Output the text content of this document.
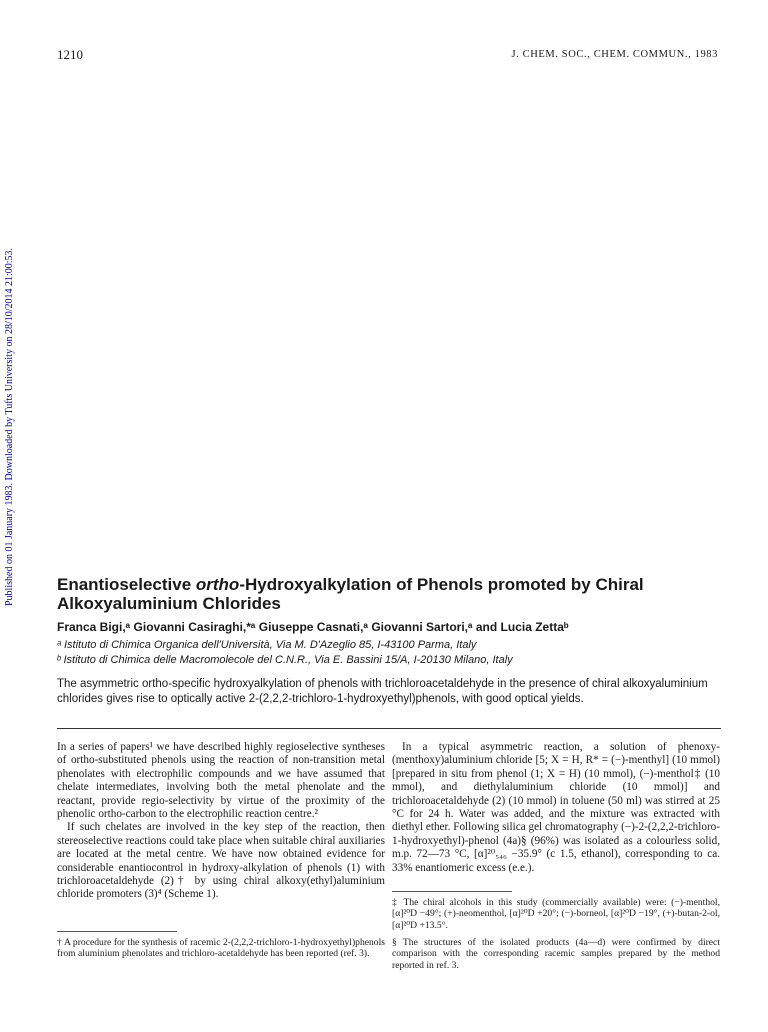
1210	J. CHEM. SOC., CHEM. COMMUN., 1983
Published on 01 January 1983. Downloaded by Tufts University on 28/10/2014 21:00:53. Enantioselective ortho-Hydroxyalkylation of Phenols promoted by Chiral
Alkoxyaluminium Chlorides
Franca Bigi,ᵃ Giovanni Casiraghi,*ᵃ Giuseppe Casnati,ᵃ Giovanni Sartori,ᵃ and Lucia Zettaᵇ
ᵃ Istituto di Chimica Organica dell'Università, Via M. D'Azeglio 85, I-43100 Parma, Italy
ᵇ Istituto di Chimica delle Macromolecole del C.N.R., Via E. Bassini 15/A, I-20130 Milano, Italy
The asymmetric ortho-specific hydroxyalkylation of phenols with trichloroacetaldehyde in the presence of chiral alkoxyaluminium chlorides gives rise to optically active 2-(2,2,2-trichloro-1-hydroxyethyl)phenols, with good optical yields.

In a series of papers¹ we have described highly regioselective syntheses of ortho-substituted phenols using the reaction of non-transition metal phenolates with electrophilic compounds and we have assumed that chelate intermediates, involving both the metal phenolate and the reactant, provide regio-selectivity by virtue of the proximity of the phenolic ortho-carbon to the electrophilic reaction centre.²

If such chelates are involved in the key step of the reaction, then stereoselective reactions could take place when suitable chiral auxiliaries are located at the metal centre. We have now obtained evidence for considerable enantiocontrol in hydroxy-alkylation of phenols (1) with trichloroacetaldehyde (2)† by using chiral alkoxy(ethyl)aluminium chloride promoters (3)⁴ (Scheme 1).

In a typical asymmetric reaction, a solution of phenoxy-(menthoxy)aluminium chloride [5; X = H, R* = (−)-menthyl] (10 mmol) [prepared in situ from phenol (1; X = H) (10 mmol), (−)-menthol‡ (10 mmol), and diethylaluminium chloride (10 mmol)] and trichloroacetaldehyde (2) (10 mmol) in toluene (50 ml) was stirred at 25 °C for 24 h. Water was added, and the mixture was extracted with diethyl ether. Following silica gel chromatography (−)-2-(2,2,2-trichloro-1-hydroxyethyl)-phenol (4a)§ (96%) was isolated as a colourless solid, m.p. 72—73 °C, [α]²⁰₅₄₆ −35.9° (c 1.5, ethanol), corresponding to ca. 33% enantiomeric excess (e.e.).

† A procedure for the synthesis of racemic 2-(2,2,2-trichloro-1-hydroxyethyl)phenols from aluminium phenolates and trichloro-acetaldehyde has been reported (ref. 3).
‡ The chiral alcohols in this study (commercially available) were: (−)-menthol, [α]²⁰D −49°; (+)-neomenthol, [α]²⁰D +20°; (−)-borneol, [α]²⁰D −19°, (+)-butan-2-ol, [α]²⁰D +13.5°.
§ The structures of the isolated products (4a—d) were confirmed by direct comparison with the corresponding racemic samples prepared by the method reported in ref. 3.
